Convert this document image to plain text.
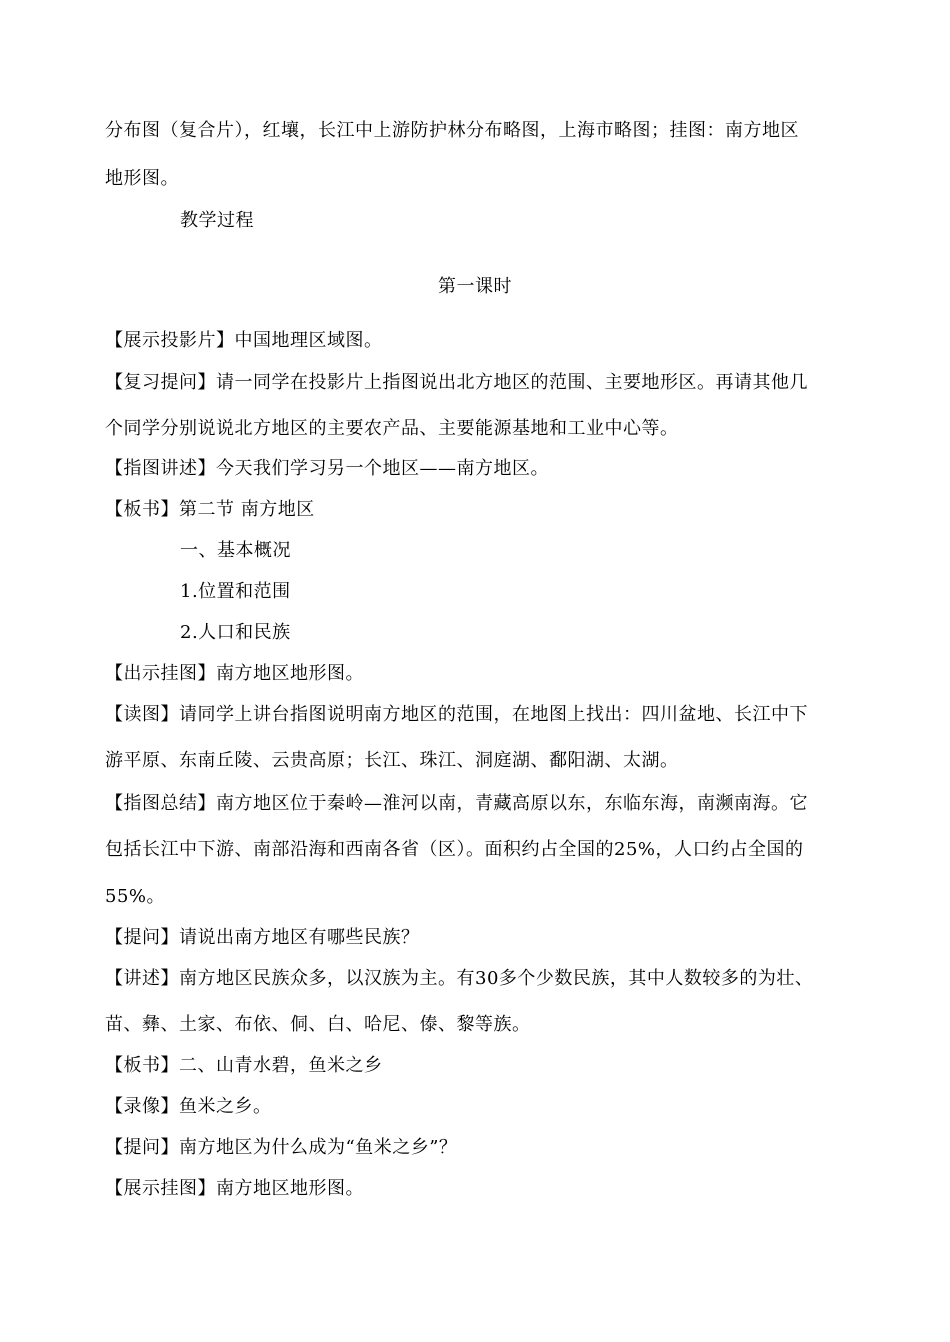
分布图（复合片），红壤，长江中上游防护林分布略图，上海市略图；挂图：南方地区
地形图。
教学过程
第一课时
【展示投影片】中国地理区域图。
【复习提问】请一同学在投影片上指图说出北方地区的范围、主要地形区。再请其他几
个同学分别说说北方地区的主要农产品、主要能源基地和工业中心等。
【指图讲述】今天我们学习另一个地区——南方地区。
【板书】第二节 南方地区
一、基本概况
1.位置和范围
2.人口和民族
【出示挂图】南方地区地形图。
【读图】请同学上讲台指图说明南方地区的范围，在地图上找出：四川盆地、长江中下
游平原、东南丘陵、云贵高原；长江、珠江、洞庭湖、鄱阳湖、太湖。
【指图总结】南方地区位于秦岭—淮河以南，青藏高原以东，东临东海，南濒南海。它
包括长江中下游、南部沿海和西南各省（区）。面积约占全国的25%，人口约占全国的
55%。
【提问】请说出南方地区有哪些民族？
【讲述】南方地区民族众多，以汉族为主。有30多个少数民族，其中人数较多的为壮、
苗、彝、土家、布依、侗、白、哈尼、傣、黎等族。
【板书】二、山青水碧，鱼米之乡
【录像】鱼米之乡。
【提问】南方地区为什么成为“鱼米之乡”？
【展示挂图】南方地区地形图。
